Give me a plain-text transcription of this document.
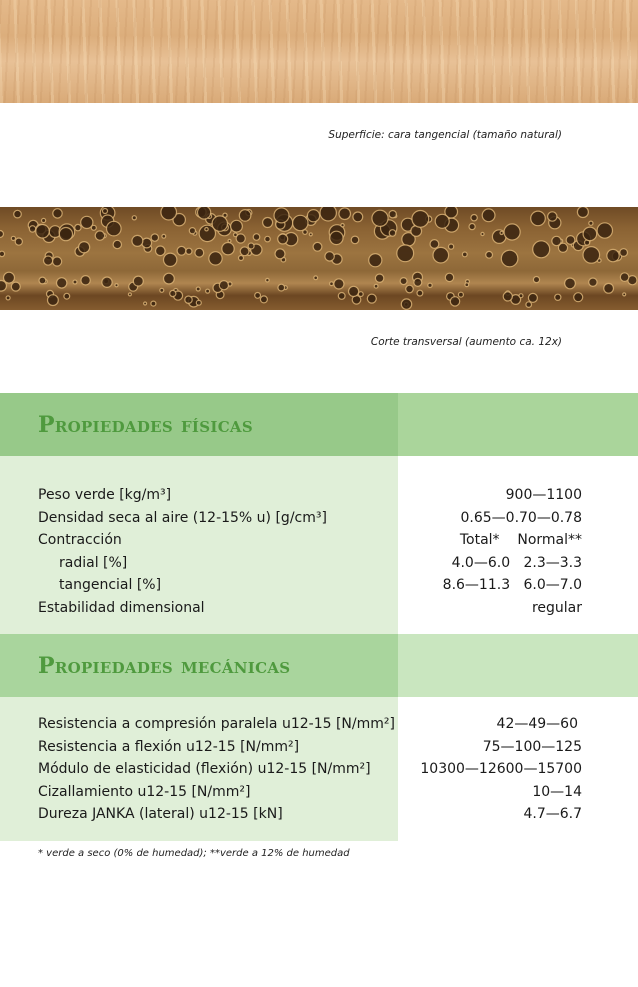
Superficie: cara tangencial (tamaño natural)
Corte transversal (aumento ca. 12x)
Propiedades físicas
Peso verde [kg/m³]	900—1100
Densidad seca al aire (12-15% u) [g/cm³]	0.65—0.70—0.78
Contracción	Total*    Normal**
radial [%]	4.0—6.0   2.3—3.3
tangencial [%]	8.6—11.3   6.0—7.0
Estabilidad dimensional	regular
Propiedades mecánicas
Resistencia a compresión paralela u12-15 [N/mm²]	42—49—60
Resistencia a flexión u12-15 [N/mm²]	75—100—125
Módulo de elasticidad (flexión) u12-15 [N/mm²]	10300—12600—15700
Cizallamiento u12-15 [N/mm²]	10—14
Dureza JANKA (lateral) u12-15 [kN]	4.7—6.7
* verde a seco (0% de humedad); **verde a 12% de humedad
